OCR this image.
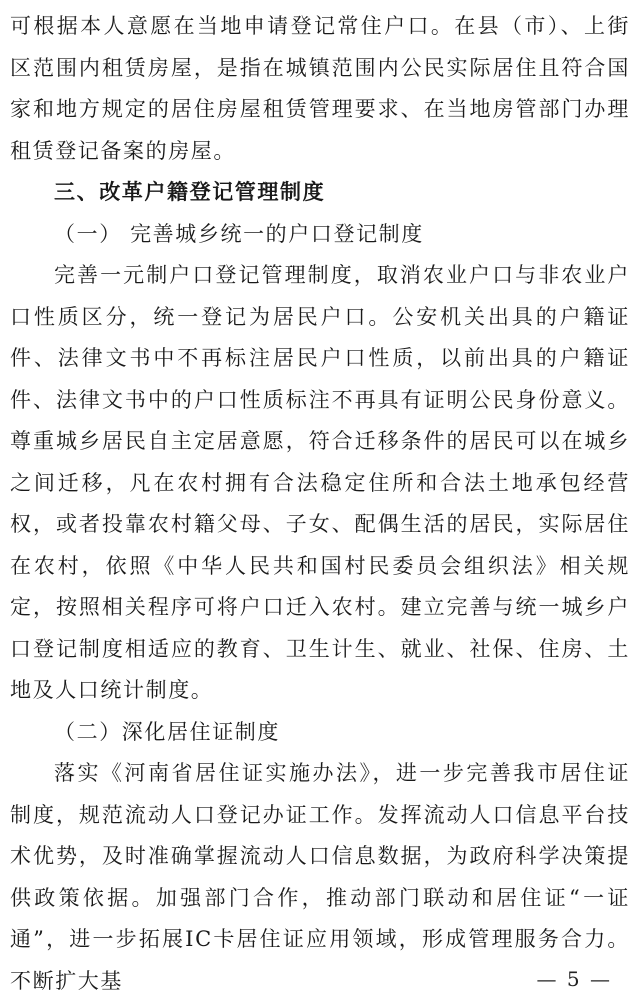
可根据本人意愿在当地申请登记常住户口。在县（市）、上街区范围内租赁房屋，是指在城镇范围内公民实际居住且符合国家和地方规定的居住房屋租赁管理要求、在当地房管部门办理租赁登记备案的房屋。

三、改革户籍登记管理制度

（一） 完善城乡统一的户口登记制度

完善一元制户口登记管理制度，取消农业户口与非农业户口性质区分，统一登记为居民户口。公安机关出具的户籍证件、法律文书中不再标注居民户口性质，以前出具的户籍证件、法律文书中的户口性质标注不再具有证明公民身份意义。尊重城乡居民自主定居意愿，符合迁移条件的居民可以在城乡之间迁移，凡在农村拥有合法稳定住所和合法土地承包经营权，或者投靠农村籍父母、子女、配偶生活的居民，实际居住在农村，依照《中华人民共和国村民委员会组织法》相关规定，按照相关程序可将户口迁入农村。建立完善与统一城乡户口登记制度相适应的教育、卫生计生、就业、社保、住房、土地及人口统计制度。

（二）深化居住证制度

落实《河南省居住证实施办法》，进一步完善我市居住证制度，规范流动人口登记办证工作。发挥流动人口信息平台技术优势，及时准确掌握流动人口信息数据，为政府科学决策提供政策依据。加强部门合作，推动部门联动和居住证“一证通”，进一步拓展IC卡居住证应用领域，形成管理服务合力。不断扩大基	— 5 —
